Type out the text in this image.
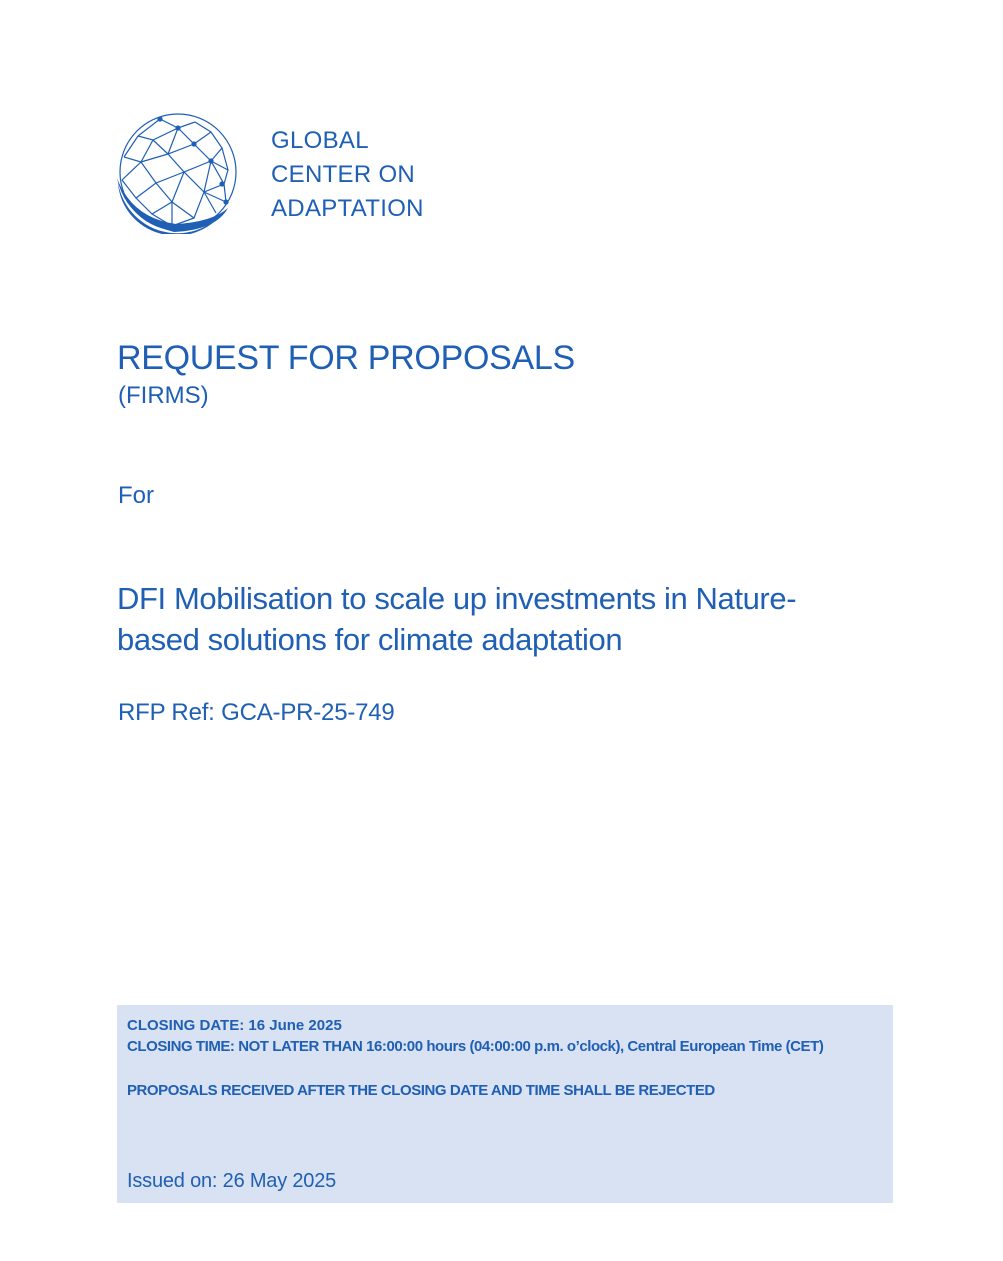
GLOBAL
CENTER ON
ADAPTATION
REQUEST FOR PROPOSALS
(FIRMS)
For
DFI Mobilisation to scale up investments in Nature-based solutions for climate adaptation
RFP Ref: GCA-PR-25-749
CLOSING DATE: 16 June 2025
CLOSING TIME: NOT LATER THAN 16:00:00 hours (04:00:00 p.m. o’clock), Central European Time (CET)
PROPOSALS RECEIVED AFTER THE CLOSING DATE AND TIME SHALL BE REJECTED
Issued on: 26 May 2025
